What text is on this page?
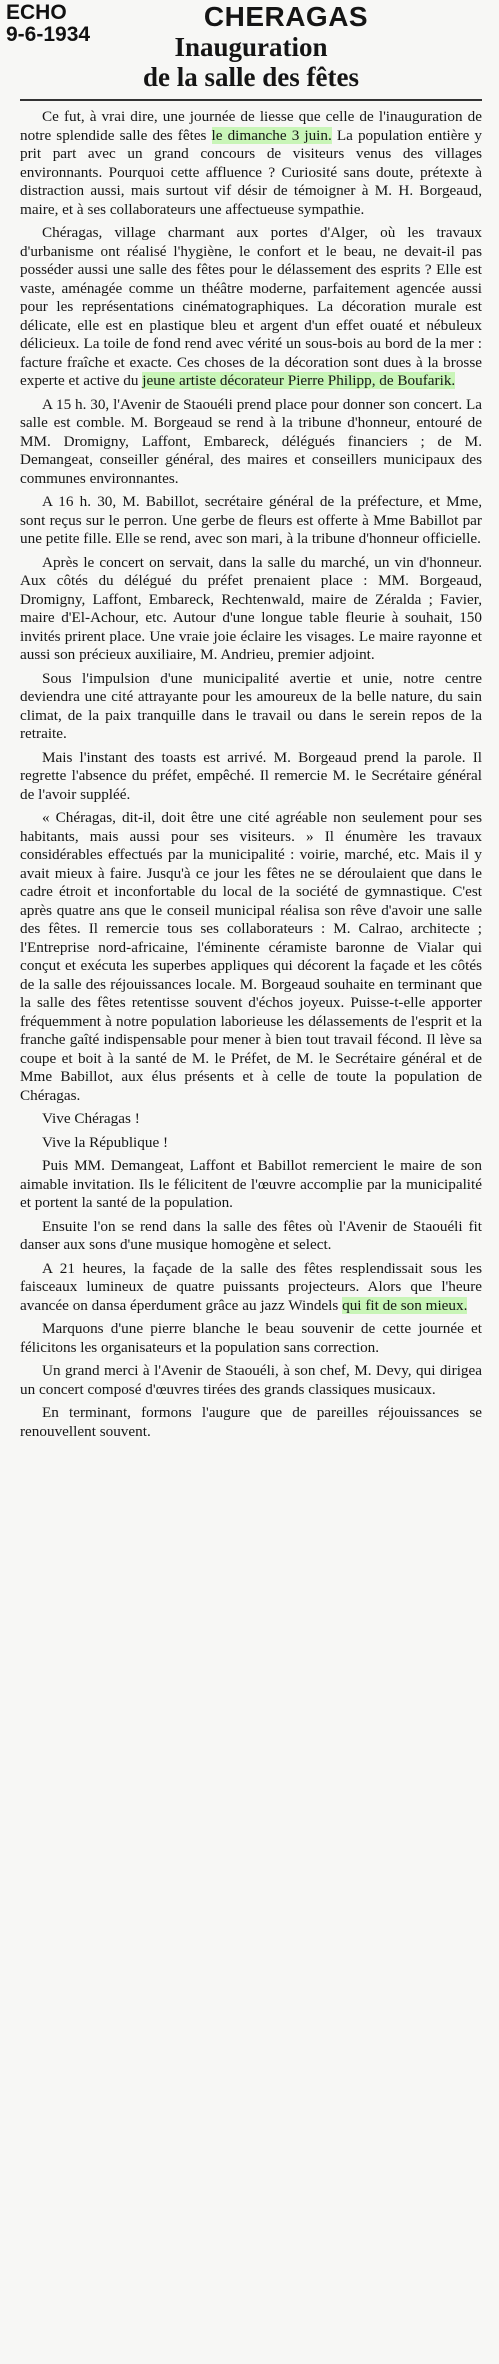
ECHO
9-6-1934
CHERAGAS
Inauguration
de la salle des fêtes

Ce fut, à vrai dire, une journée de liesse que celle de l'inauguration de notre splendide salle des fêtes le dimanche 3 juin. La population entière y prit part avec un grand concours de visiteurs venus des villages environnants. Pourquoi cette affluence ? Curiosité sans doute, prétexte à distraction aussi, mais surtout vif désir de témoigner à M. H. Borgeaud, maire, et à ses collaborateurs une affectueuse sympathie.

Chéragas, village charmant aux portes d'Alger, où les travaux d'urbanisme ont réalisé l'hygiène, le confort et le beau, ne devait-il pas posséder aussi une salle des fêtes pour le délassement des esprits ? Elle est vaste, aménagée comme un théâtre moderne, parfaitement agencée aussi pour les représentations cinématographiques. La décoration murale est délicate, elle est en plastique bleu et argent d'un effet ouaté et nébuleux délicieux. La toile de fond rend avec vérité un sous-bois au bord de la mer : facture fraîche et exacte. Ces choses de la décoration sont dues à la brosse experte et active du jeune artiste décorateur Pierre Philipp, de Boufarik.

A 15 h. 30, l'Avenir de Staouéli prend place pour donner son concert. La salle est comble. M. Borgeaud se rend à la tribune d'honneur, entouré de MM. Dromigny, Laffont, Embareck, délégués financiers ; de M. Demangeat, conseiller général, des maires et conseillers municipaux des communes environnantes.

A 16 h. 30, M. Babillot, secrétaire général de la préfecture, et Mme, sont reçus sur le perron. Une gerbe de fleurs est offerte à Mme Babillot par une petite fille. Elle se rend, avec son mari, à la tribune d'honneur officielle.

Après le concert on servait, dans la salle du marché, un vin d'honneur. Aux côtés du délégué du préfet prenaient place : MM. Borgeaud, Dromigny, Laffont, Embareck, Rechtenwald, maire de Zéralda ; Favier, maire d'El-Achour, etc. Autour d'une longue table fleurie à souhait, 150 invités prirent place. Une vraie joie éclaire les visages. Le maire rayonne et aussi son précieux auxiliaire, M. Andrieu, premier adjoint.

Sous l'impulsion d'une municipalité avertie et unie, notre centre deviendra une cité attrayante pour les amoureux de la belle nature, du sain climat, de la paix tranquille dans le travail ou dans le serein repos de la retraite.

Mais l'instant des toasts est arrivé. M. Borgeaud prend la parole. Il regrette l'absence du préfet, empêché. Il remercie M. le Secrétaire général de l'avoir suppléé.

« Chéragas, dit-il, doit être une cité agréable non seulement pour ses habitants, mais aussi pour ses visiteurs. » Il énumère les travaux considérables effectués par la municipalité : voirie, marché, etc. Mais il y avait mieux à faire. Jusqu'à ce jour les fêtes ne se déroulaient que dans le cadre étroit et inconfortable du local de la société de gymnastique. C'est après quatre ans que le conseil municipal réalisa son rêve d'avoir une salle des fêtes. Il remercie tous ses collaborateurs : M. Calrao, architecte ; l'Entreprise nord-africaine, l'éminente céramiste baronne de Vialar qui conçut et exécuta les superbes appliques qui décorent la façade et les côtés de la salle des réjouissances locale. M. Borgeaud souhaite en terminant que la salle des fêtes retentisse souvent d'échos joyeux. Puisse-t-elle apporter fréquemment à notre population laborieuse les délassements de l'esprit et la franche gaîté indispensable pour mener à bien tout travail fécond. Il lève sa coupe et boit à la santé de M. le Préfet, de M. le Secrétaire général et de Mme Babillot, aux élus présents et à celle de toute la population de Chéragas.

Vive Chéragas !

Vive la République !

Puis MM. Demangeat, Laffont et Babillot remercient le maire de son aimable invitation. Ils le félicitent de l'œuvre accomplie par la municipalité et portent la santé de la population.

Ensuite l'on se rend dans la salle des fêtes où l'Avenir de Staouéli fit danser aux sons d'une musique homogène et select.

A 21 heures, la façade de la salle des fêtes resplendissait sous les faisceaux lumineux de quatre puissants projecteurs. Alors que l'heure avancée on dansa éperdument grâce au jazz Windels qui fit de son mieux.

Marquons d'une pierre blanche le beau souvenir de cette journée et félicitons les organisateurs et la population sans correction.

Un grand merci à l'Avenir de Staouéli, à son chef, M. Devy, qui dirigea un concert composé d'œuvres tirées des grands classiques musicaux.

En terminant, formons l'augure que de pareilles réjouissances se renouvellent souvent.
